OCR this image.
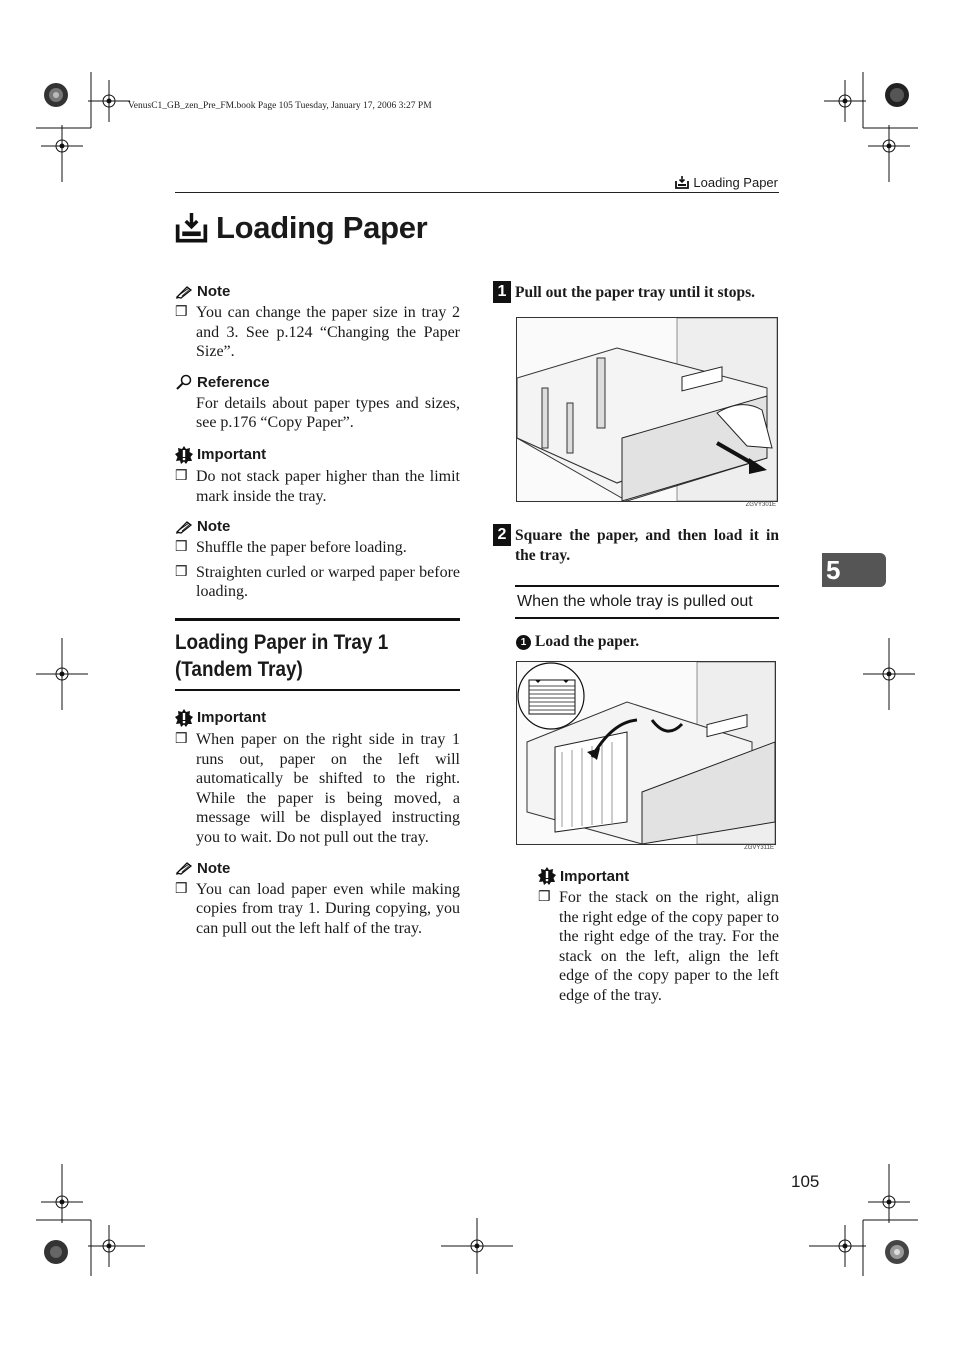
VenusC1_GB_zen_Pre_FM.book Page 105 Tuesday, January 17, 2006 3:27 PM
Loading Paper
Loading Paper
Note
❒ You can change the paper size in tray 2 and 3. See p.124 “Changing the Paper Size”.
Reference
For details about paper types and sizes, see p.176 “Copy Paper”.
Important
❒ Do not stack paper higher than the limit mark inside the tray.
Note
❒ Shuffle the paper before loading.
❒ Straighten curled or warped paper before loading.
Loading Paper in Tray 1
(Tandem Tray)
Important
❒ When paper on the right side in tray 1 runs out, paper on the left will automatically be shifted to the right. While the paper is being moved, a message will be displayed instructing you to wait. Do not pull out the tray.
Note
❒ You can load paper even while making copies from tray 1. During copying, you can pull out the left half of the tray.
1 Pull out the paper tray until it stops.
ZGVY301E
2 Square the paper, and then load it in the tray.
When the whole tray is pulled out
1 Load the paper.
ZGVY311E
Important
❒ For the stack on the right, align the right edge of the copy paper to the right edge of the tray. For the stack on the left, align the left edge of the copy paper to the left edge of the tray.
5
105
